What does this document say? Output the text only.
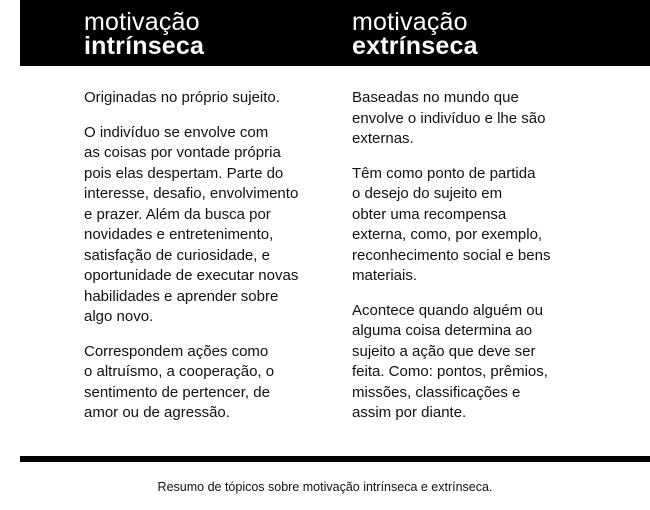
motivação
intrínseca
motivação
extrínseca

Originadas no próprio sujeito.

O indivíduo se envolve com
as coisas por vontade própria
pois elas despertam. Parte do
interesse, desafio, envolvimento
e prazer. Além da busca por
novidades e entretenimento,
satisfação de curiosidade, e
oportunidade de executar novas
habilidades e aprender sobre
algo novo.

Correspondem ações como
o altruísmo, a cooperação, o
sentimento de pertencer, de
amor ou de agressão.

Baseadas no mundo que
envolve o indivíduo e lhe são
externas.

Têm como ponto de partida
o desejo do sujeito em
obter uma recompensa
externa, como, por exemplo,
reconhecimento social e bens
materiais.

Acontece quando alguém ou
alguma coisa determina ao
sujeito a ação que deve ser
feita. Como: pontos, prêmios,
missões, classificações e
assim por diante.

Resumo de tópicos sobre motivação intrínseca e extrínseca.
